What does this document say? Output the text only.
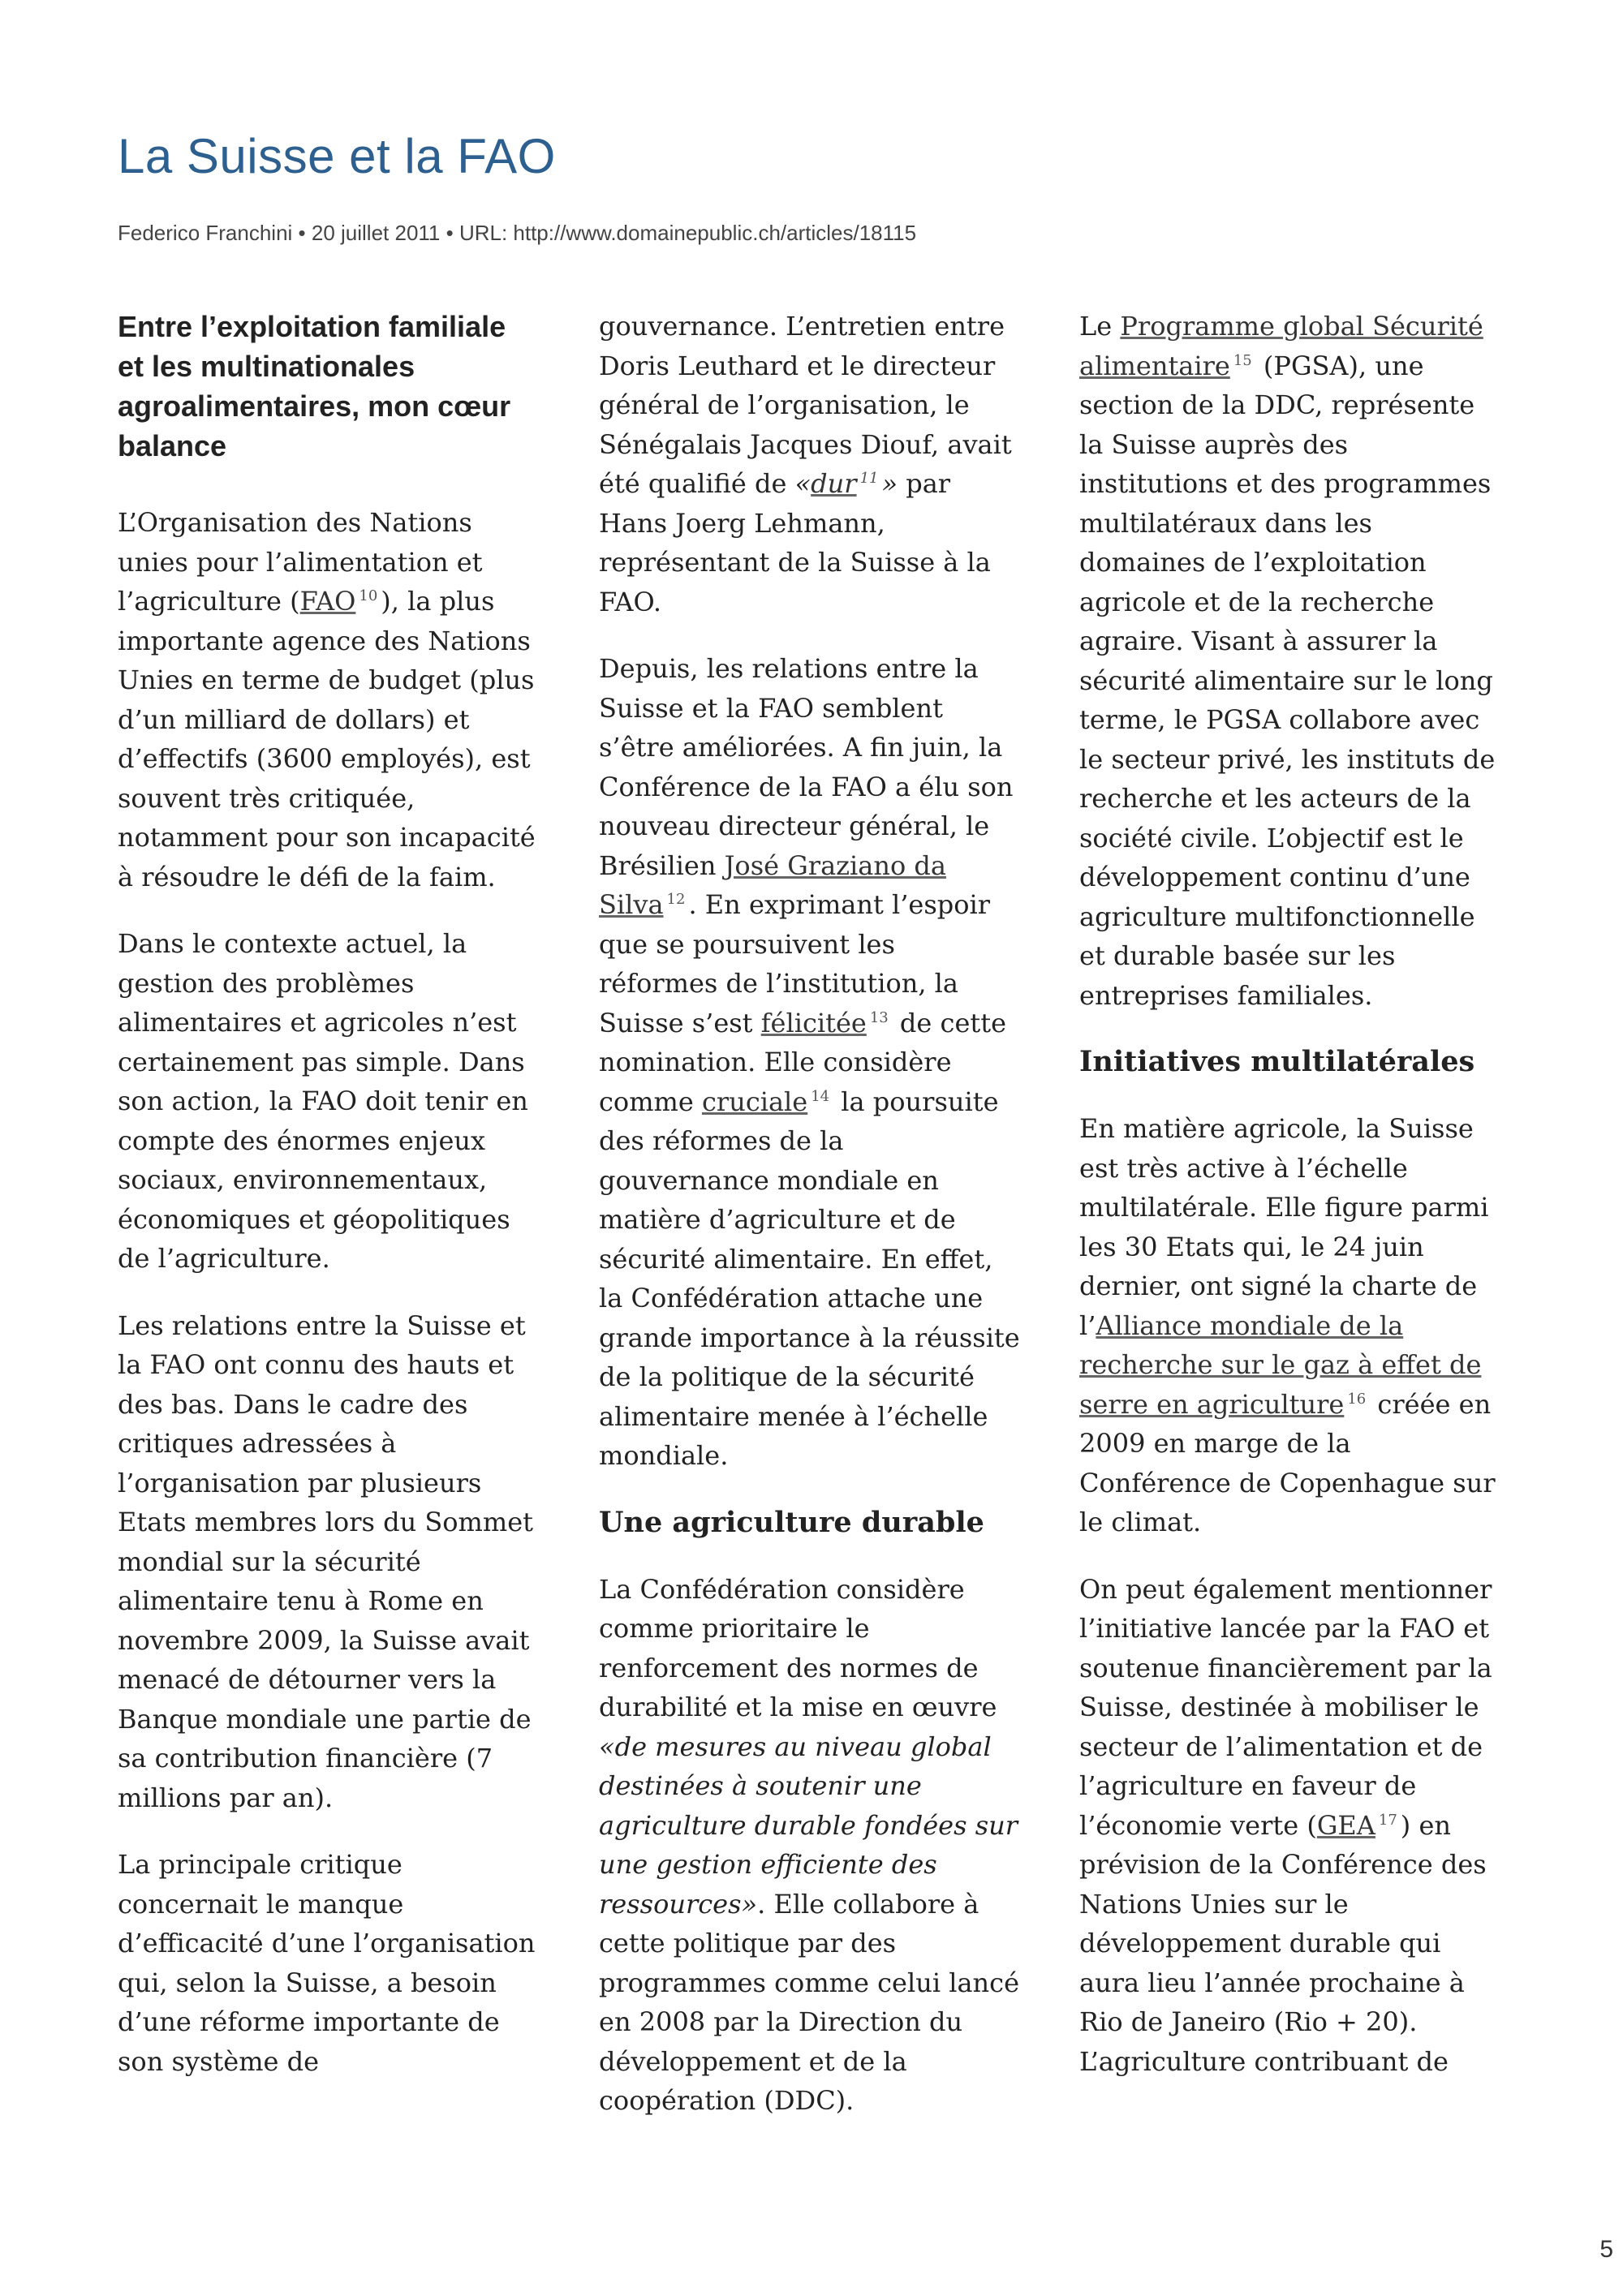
La Suisse et la FAO
Federico Franchini • 20 juillet 2011 • URL: http://www.domainepublic.ch/articles/18115

Entre l’exploitation familiale et les multinationales agroalimentaires, mon cœur balance

L’Organisation des Nations unies pour l’alimentation et l’agriculture (FAO $^{10}$ ), la plus importante agence des Nations Unies en terme de budget (plus d’un milliard de dollars) et d’effectifs (3600 employés), est souvent très critiquée, notamment pour son incapacité à résoudre le défi de la faim.

Dans le contexte actuel, la gestion des problèmes alimentaires et agricoles n’est certainement pas simple. Dans son action, la FAO doit tenir en compte des énormes enjeux sociaux, environnementaux, économiques et géopolitiques de l’agriculture.

Les relations entre la Suisse et la FAO ont connu des hauts et des bas. Dans le cadre des critiques adressées à l’organisation par plusieurs Etats membres lors du Sommet mondial sur la sécurité alimentaire tenu à Rome en novembre 2009, la Suisse avait menacé de détourner vers la Banque mondiale une partie de sa contribution financière (7 millions par an).

La principale critique concernait le manque d’efficacité d’une l’organisation qui, selon la Suisse, a besoin d’une réforme importante de son système de

gouvernance. L’entretien entre Doris Leuthard et le directeur général de l’organisation, le Sénégalais Jacques Diouf, avait été qualifié de «dur $^{11}$ » par Hans Joerg Lehmann, représentant de la Suisse à la FAO.

Depuis, les relations entre la Suisse et la FAO semblent s’être améliorées. A fin juin, la Conférence de la FAO a élu son nouveau directeur général, le Brésilien José Graziano da Silva $^{12}$ . En exprimant l’espoir que se poursuivent les réformes de l’institution, la Suisse s’est félicitée $^{13}$ de cette nomination. Elle considère comme cruciale $^{14}$ la poursuite des réformes de la gouvernance mondiale en matière d’agriculture et de sécurité alimentaire. En effet, la Confédération attache une grande importance à la réussite de la politique de la sécurité alimentaire menée à l’échelle mondiale.

Une agriculture durable

La Confédération considère comme prioritaire le renforcement des normes de durabilité et la mise en œuvre «de mesures au niveau global destinées à soutenir une agriculture durable fondées sur une gestion efficiente des ressources». Elle collabore à cette politique par des programmes comme celui lancé en 2008 par la Direction du développement et de la coopération (DDC).

Le Programme global Sécurité alimentaire $^{15}$ (PGSA), une section de la DDC, représente la Suisse auprès des institutions et des programmes multilatéraux dans les domaines de l’exploitation agricole et de la recherche agraire. Visant à assurer la sécurité alimentaire sur le long terme, le PGSA collabore avec le secteur privé, les instituts de recherche et les acteurs de la société civile. L’objectif est le développement continu d’une agriculture multifonctionnelle et durable basée sur les entreprises familiales.

Initiatives multilatérales

En matière agricole, la Suisse est très active à l’échelle multilatérale. Elle figure parmi les 30 Etats qui, le 24 juin dernier, ont signé la charte de l’Alliance mondiale de la recherche sur le gaz à effet de serre en agriculture $^{16}$ créée en 2009 en marge de la Conférence de Copenhague sur le climat.

On peut également mentionner l’initiative lancée par la FAO et soutenue financièrement par la Suisse, destinée à mobiliser le secteur de l’alimentation et de l’agriculture en faveur de l’économie verte (GEA $^{17}$ ) en prévision de la Conférence des Nations Unies sur le développement durable qui aura lieu l’année prochaine à Rio de Janeiro (Rio + 20). L’agriculture contribuant de

5
